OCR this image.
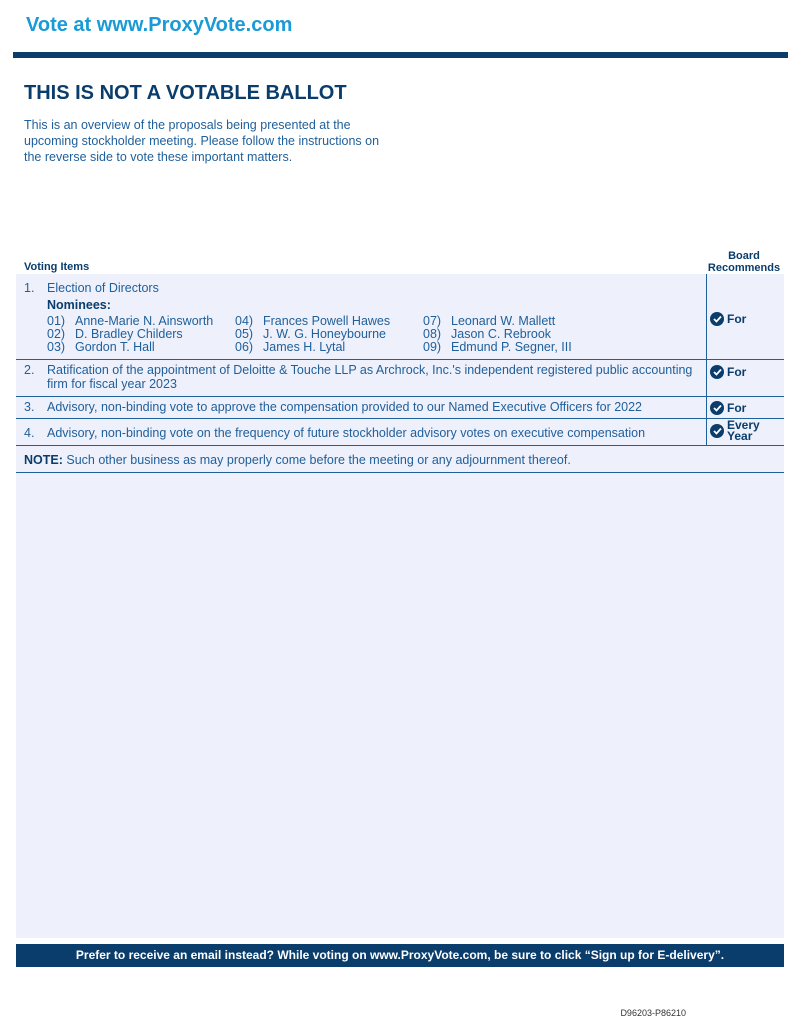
Vote at www.ProxyVote.com
THIS IS NOT A VOTABLE BALLOT
This is an overview of the proposals being presented at the upcoming stockholder meeting. Please follow the instructions on the reverse side to vote these important matters.
Voting Items
Board
Recommends
1. Election of Directors
Nominees:
01) Anne-Marie N. Ainsworth
02) D. Bradley Childers
03) Gordon T. Hall
04) Frances Powell Hawes
05) J. W. G. Honeybourne
06) James H. Lytal
07) Leonard W. Mallett
08) Jason C. Rebrook
09) Edmund P. Segner, III
For
2. Ratification of the appointment of Deloitte & Touche LLP as Archrock, Inc.'s independent registered public accounting
firm for fiscal year 2023
For
3. Advisory, non-binding vote to approve the compensation provided to our Named Executive Officers for 2022	For
4. Advisory, non-binding vote on the frequency of future stockholder advisory votes on executive compensation
Every
Year
NOTE: Such other business as may properly come before the meeting or any adjournment thereof.
Prefer to receive an email instead? While voting on www.ProxyVote.com, be sure to click “Sign up for E-delivery”.
D96203-P86210
